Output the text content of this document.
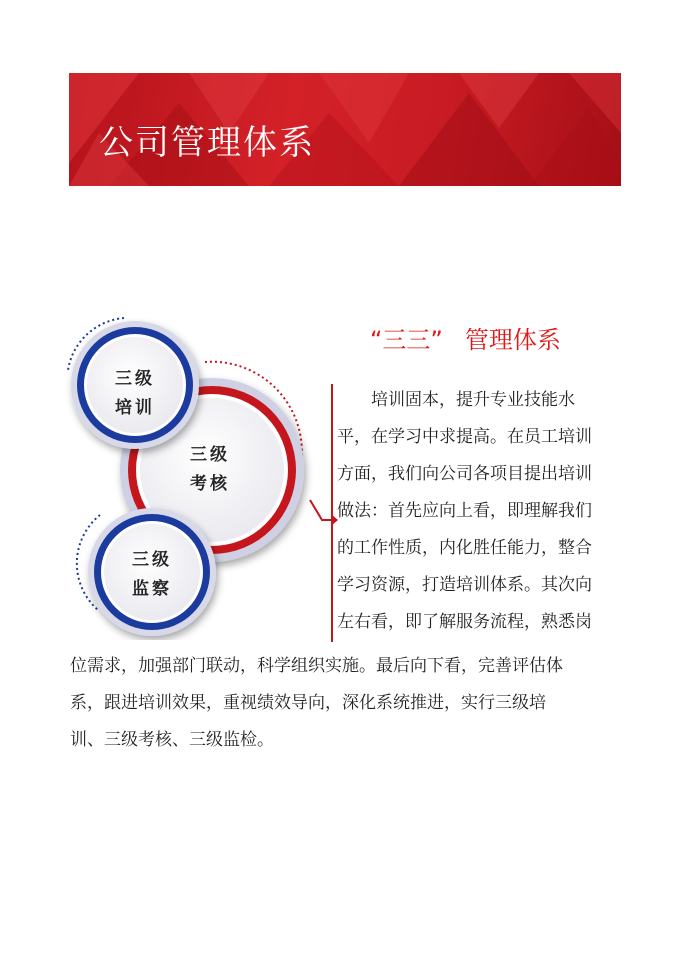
公司管理体系
三级
培训
三级
考核
三级
监察
“三三” 管理体系
培训固本，提升专业技能水
平，在学习中求提高。在员工培训
方面，我们向公司各项目提出培训
做法：首先应向上看，即理解我们
的工作性质，内化胜任能力，整合
学习资源，打造培训体系。其次向
左右看，即了解服务流程，熟悉岗
位需求，加强部门联动，科学组织实施。最后向下看，完善评估体
系，跟进培训效果，重视绩效导向，深化系统推进，实行三级培
训、三级考核、三级监检。
